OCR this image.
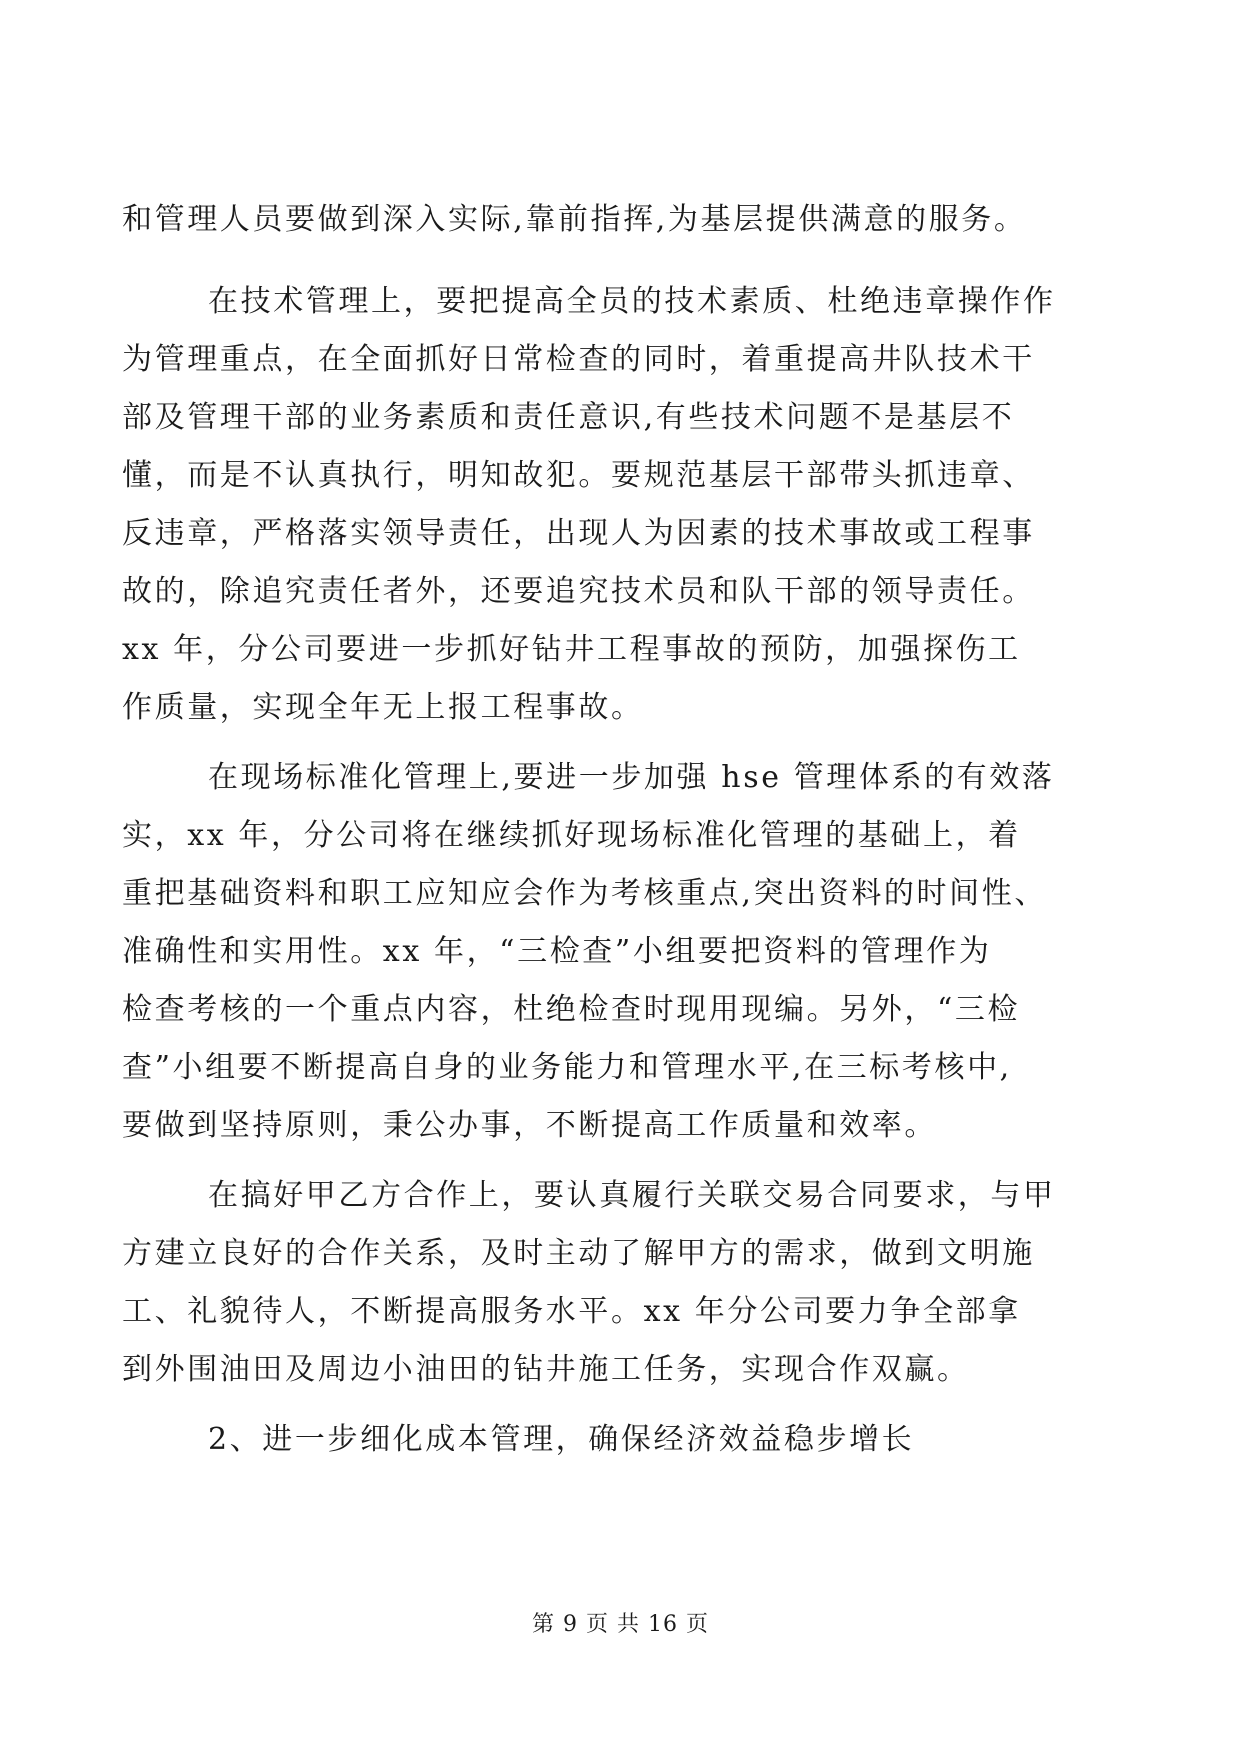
和管理人员要做到深入实际,靠前指挥,为基层提供满意的服务。
在技术管理上，要把提高全员的技术素质、杜绝违章操作作
为管理重点，在全面抓好日常检查的同时，着重提高井队技术干
部及管理干部的业务素质和责任意识,有些技术问题不是基层不
懂，而是不认真执行，明知故犯。要规范基层干部带头抓违章、
反违章，严格落实领导责任，出现人为因素的技术事故或工程事
故的，除追究责任者外，还要追究技术员和队干部的领导责任。
xx 年，分公司要进一步抓好钻井工程事故的预防，加强探伤工
作质量，实现全年无上报工程事故。
在现场标准化管理上,要进一步加强 hse 管理体系的有效落
实，xx 年，分公司将在继续抓好现场标准化管理的基础上，着
重把基础资料和职工应知应会作为考核重点,突出资料的时间性、
准确性和实用性。xx 年，“三检查”小组要把资料的管理作为
检查考核的一个重点内容，杜绝检查时现用现编。另外，“三检
查”小组要不断提高自身的业务能力和管理水平,在三标考核中,
要做到坚持原则，秉公办事，不断提高工作质量和效率。
在搞好甲乙方合作上，要认真履行关联交易合同要求，与甲
方建立良好的合作关系，及时主动了解甲方的需求，做到文明施
工、礼貌待人，不断提高服务水平。xx 年分公司要力争全部拿
到外围油田及周边小油田的钻井施工任务，实现合作双赢。
2、进一步细化成本管理，确保经济效益稳步增长
第 9 页 共 16 页
